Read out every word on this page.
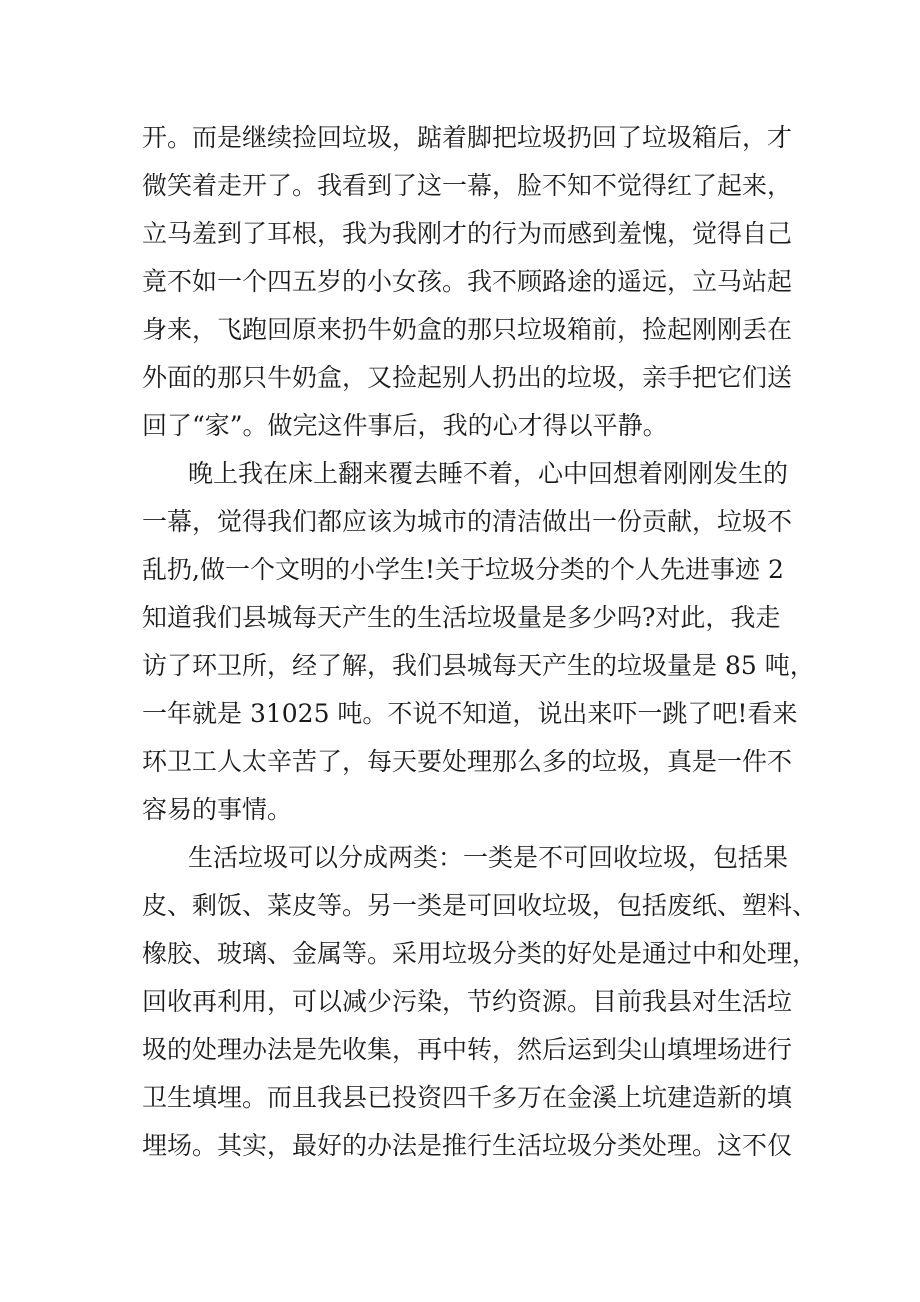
开。而是继续捡回垃圾，踮着脚把垃圾扔回了垃圾箱后，才

微笑着走开了。我看到了这一幕，脸不知不觉得红了起来，

立马羞到了耳根，我为我刚才的行为而感到羞愧，觉得自己

竟不如一个四五岁的小女孩。我不顾路途的遥远，立马站起

身来，飞跑回原来扔牛奶盒的那只垃圾箱前，捡起刚刚丢在

外面的那只牛奶盒，又捡起别人扔出的垃圾，亲手把它们送

回了“家”。做完这件事后，我的心才得以平静。

晚上我在床上翻来覆去睡不着，心中回想着刚刚发生的

一幕，觉得我们都应该为城市的清洁做出一份贡献，垃圾不

乱扔,做一个文明的小学生!关于垃圾分类的个人先进事迹 2

知道我们县城每天产生的生活垃圾量是多少吗?对此，我走

访了环卫所，经了解，我们县城每天产生的垃圾量是 85 吨，

一年就是 31025 吨。不说不知道，说出来吓一跳了吧!看来

环卫工人太辛苦了，每天要处理那么多的垃圾，真是一件不

容易的事情。

生活垃圾可以分成两类：一类是不可回收垃圾，包括果

皮、剩饭、菜皮等。另一类是可回收垃圾，包括废纸、塑料、

橡胶、玻璃、金属等。采用垃圾分类的好处是通过中和处理，

回收再利用，可以减少污染，节约资源。目前我县对生活垃

圾的处理办法是先收集，再中转，然后运到尖山填埋场进行

卫生填埋。而且我县已投资四千多万在金溪上坑建造新的填

埋场。其实，最好的办法是推行生活垃圾分类处理。这不仅
